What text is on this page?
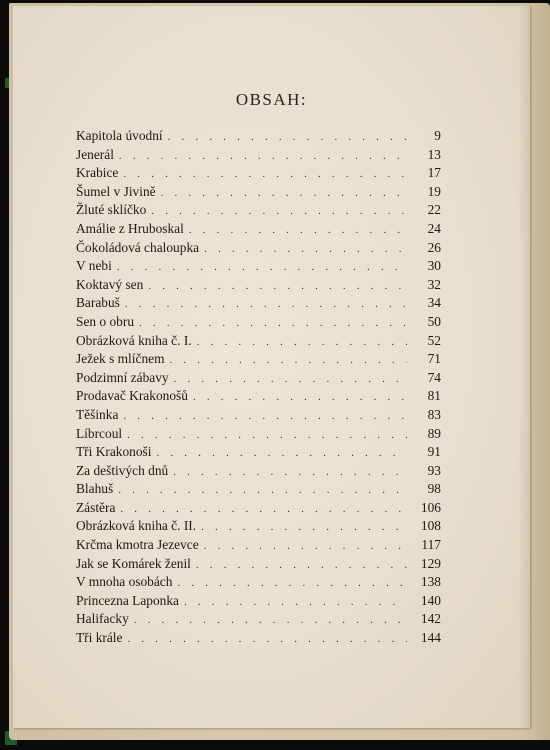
OBSAH:
Kapitola úvodní . . .	9
Jenerál . . .	13
Krabice . . .	17
Šumel v Jivině . . .	19
Žluté sklíčko . . .	22
Amálie z Hruboskal . . .	24
Čokoládová chaloupka . . .	26
V nebi . . .	30
Koktavý sen . . .	32
Barabuš . . .	34
Sen o obru . . .	50
Obrázková kniha č. I. . . .	52
Ježek s mlíčnem . . .	71
Podzimní zábavy . . .	74
Prodavač Krakonošů . . .	81
Těšinka . . .	83
Líbrcoul . . .	89
Tři Krakonoši . . .	91
Za deštivých dnů . . .	93
Blahuš . . .	98
Zástěra . . .	106
Obrázková kniha č. II. . . .	108
Krčma kmotra Jezevce . . .	117
Jak se Komárek ženil . . .	129
V mnoha osobách . . .	138
Princezna Laponka . . .	140
Halifacky . . .	142
Tři krále . . .	144
